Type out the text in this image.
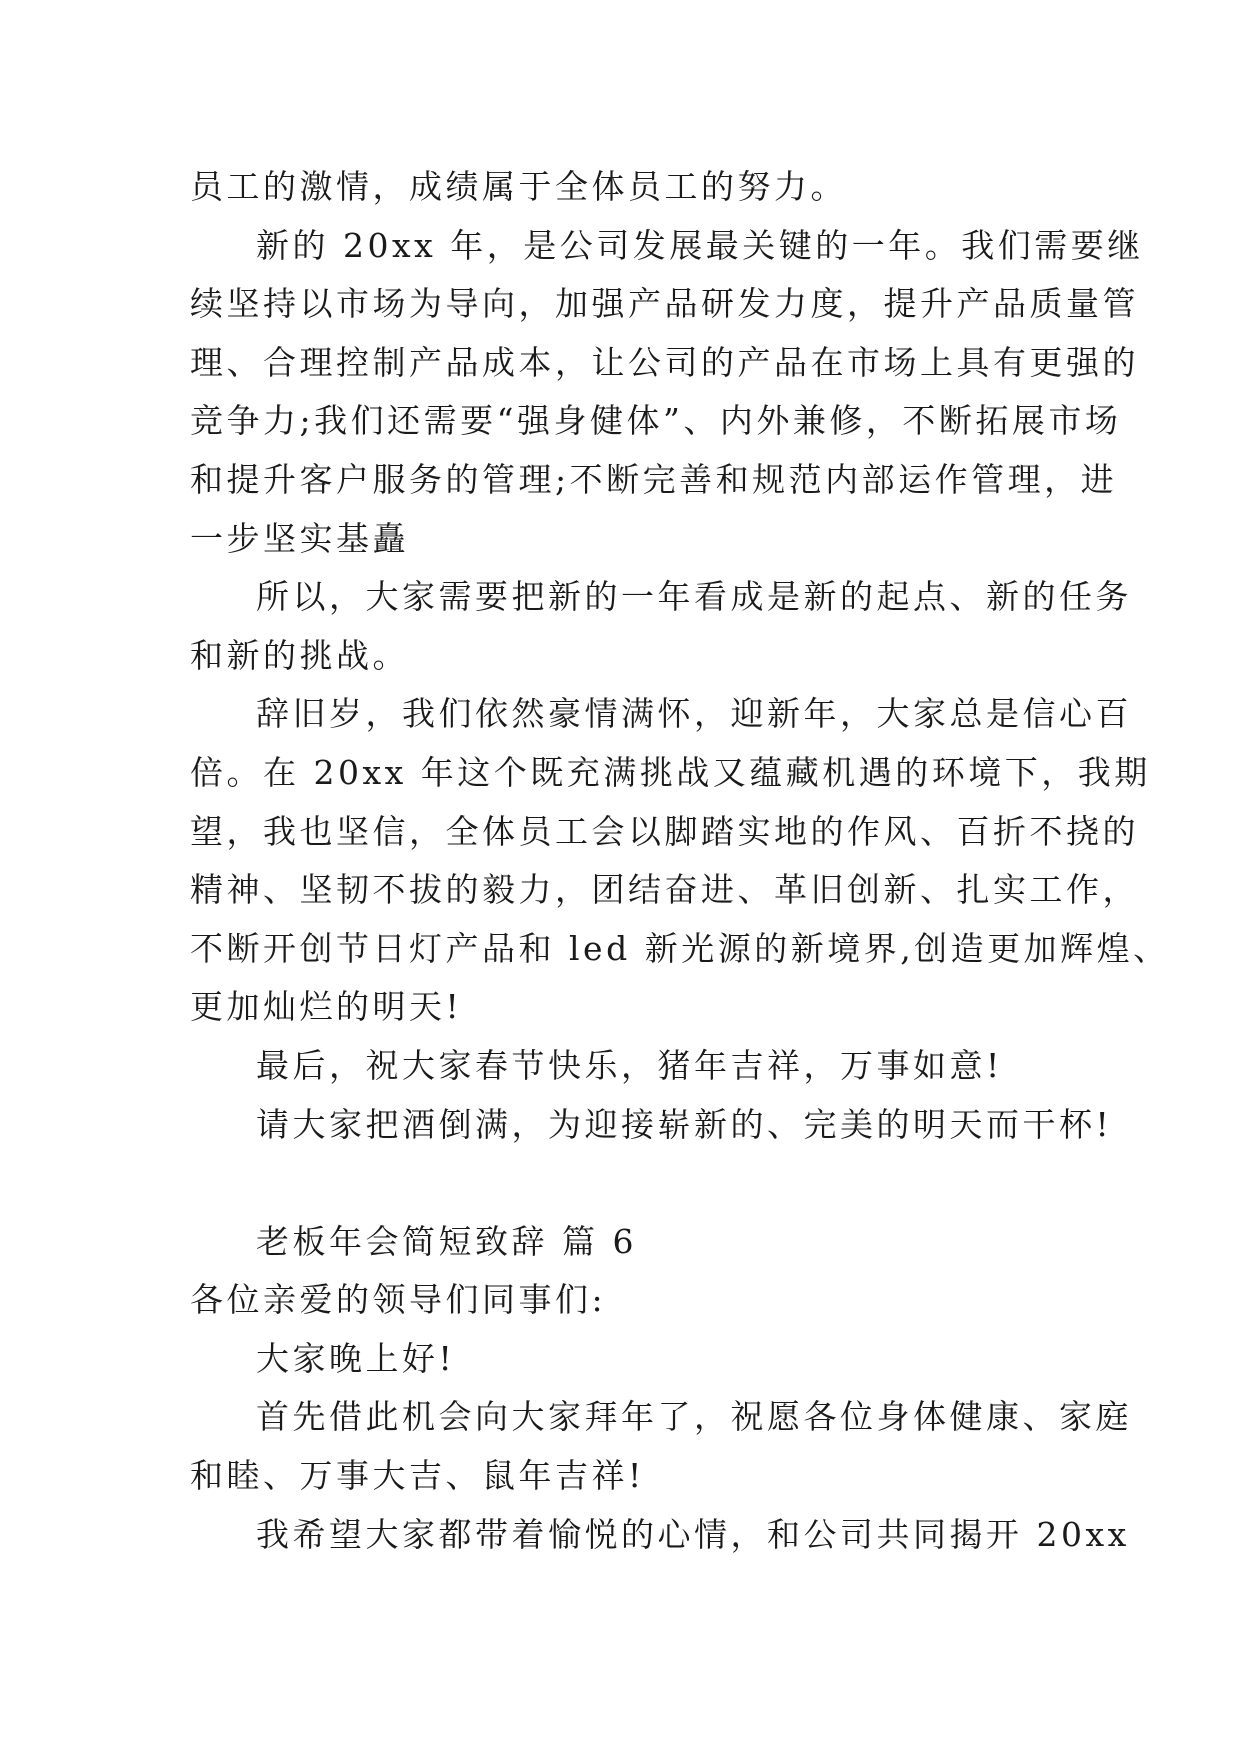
员工的激情，成绩属于全体员工的努力。
新的 20xx 年，是公司发展最关键的一年。我们需要继
续坚持以市场为导向，加强产品研发力度，提升产品质量管
理、合理控制产品成本，让公司的产品在市场上具有更强的
竞争力;我们还需要“强身健体”、内外兼修，不断拓展市场
和提升客户服务的管理;不断完善和规范内部运作管理，进
一步坚实基矗
所以，大家需要把新的一年看成是新的起点、新的任务
和新的挑战。
辞旧岁，我们依然豪情满怀，迎新年，大家总是信心百
倍。在 20xx 年这个既充满挑战又蕴藏机遇的环境下，我期
望，我也坚信，全体员工会以脚踏实地的作风、百折不挠的
精神、坚韧不拔的毅力，团结奋进、革旧创新、扎实工作，
不断开创节日灯产品和 led 新光源的新境界,创造更加辉煌、
更加灿烂的明天!
最后，祝大家春节快乐，猪年吉祥，万事如意!
请大家把酒倒满，为迎接崭新的、完美的明天而干杯!
老板年会简短致辞 篇 6
各位亲爱的领导们同事们:
大家晚上好!
首先借此机会向大家拜年了，祝愿各位身体健康、家庭
和睦、万事大吉、鼠年吉祥!
我希望大家都带着愉悦的心情，和公司共同揭开 20xx
